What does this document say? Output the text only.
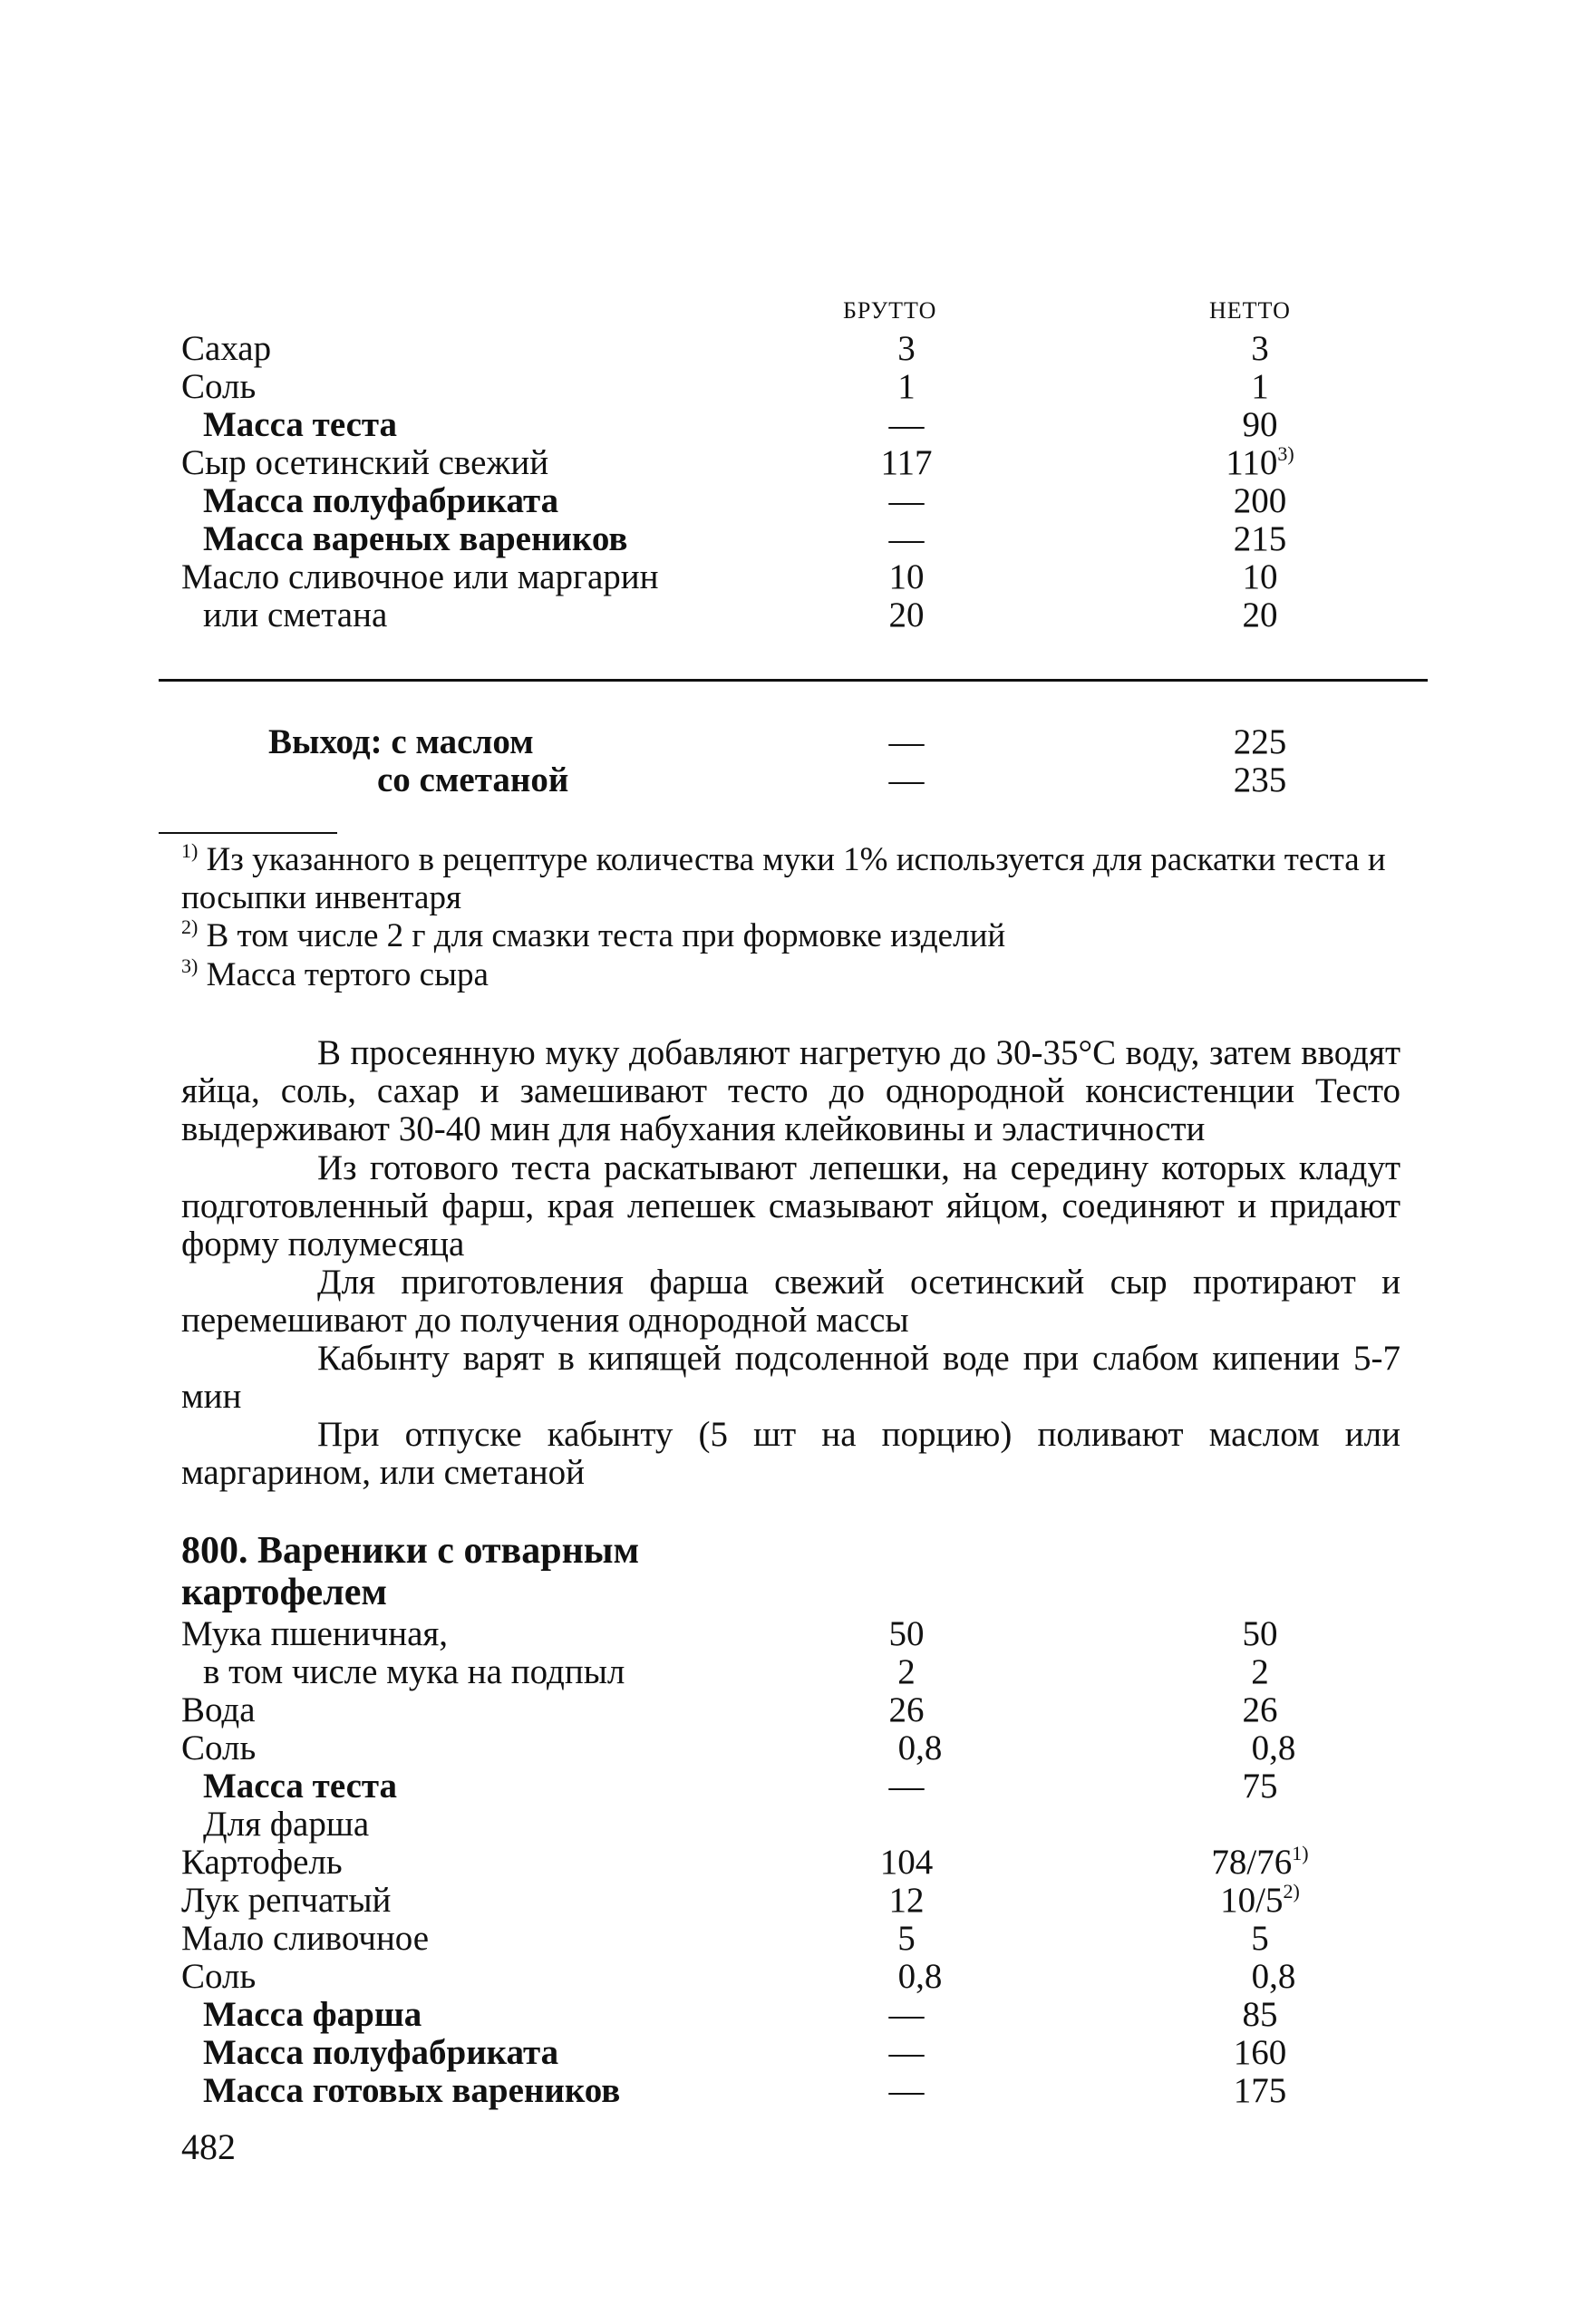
БРУТТО	НЕТТО
Сахар	3	3
Соль	1	1
Масса теста	—	90
Сыр осетинский свежий	117	110$^{3)}$
Масса полуфабриката	—	200
Масса вареных вареников	—	215
Масло сливочное или маргарин	10	10
или сметана	20	20
Выход: с маслом	—	225
со сметаной	—	235
$^{1)}$ Из указанного в рецептуре количества муки 1% используется для раскатки теста и посыпки инвентаря
$^{2)}$ В том числе 2 г для смазки теста при формовке изделий
$^{3)}$ Масса тертого сыра
В просеянную муку добавляют нагретую до 30-35°С воду, затем вводят яйца, соль, сахар и замешивают тесто до однородной консистенции Тесто выдерживают 30-40 мин для набухания клейковины и эластичности
Из готового теста раскатывают лепешки, на середину которых кладут подготовленный фарш, края лепешек смазывают яйцом, соединяют и придают форму полумесяца
Для приготовления фарша свежий осетинский сыр протирают и перемешивают до получения однородной массы
Кабынту варят в кипящей подсоленной воде при слабом кипении 5-7 мин
При отпуске кабынту (5 шт на порцию) поливают маслом или маргарином, или сметаной
800. Вареники с отварным картофелем
Мука пшеничная,	50	50
в том числе мука на подпыл	2	2
Вода	26	26
Соль	0,8	0,8
Масса теста	—	75
Для фарша
Картофель	104	78/76$^{1)}$
Лук репчатый	12	10/5$^{2)}$
Мало сливочное	5	5
Соль	0,8	0,8
Масса фарша	—	85
Масса полуфабриката	—	160
Масса готовых вареников	—	175
482
